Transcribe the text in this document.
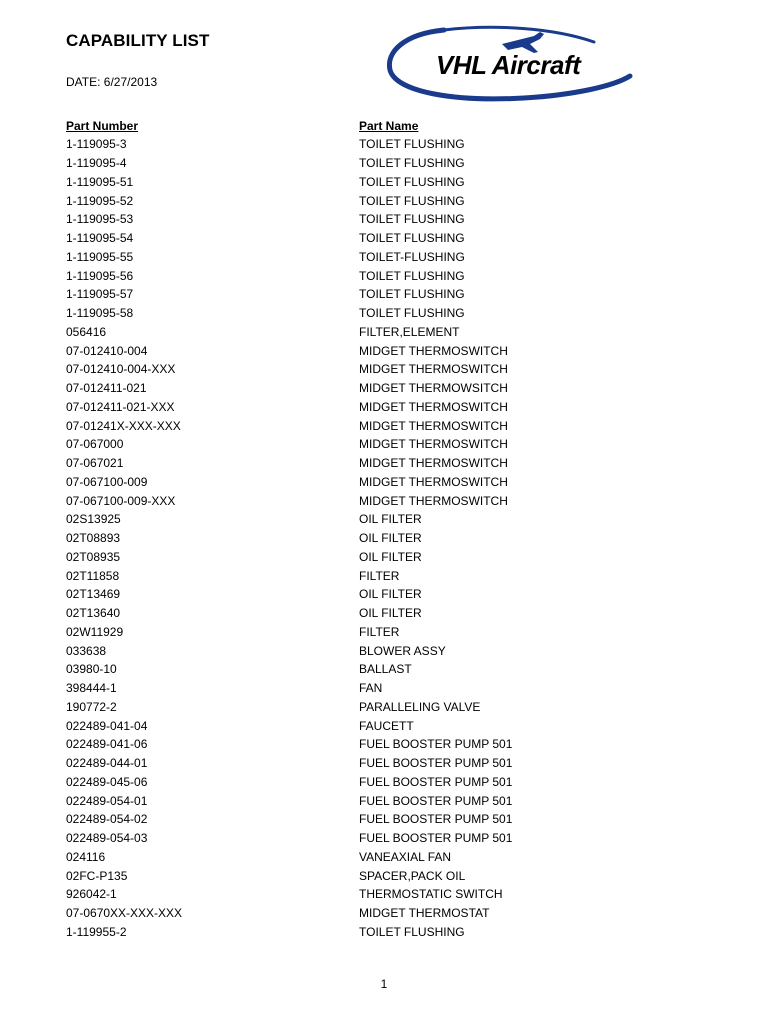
CAPABILITY LIST
DATE: 6/27/2013
VHL Aircraft
Part Number	Part Name
1-119095-3	TOILET FLUSHING
1-119095-4	TOILET FLUSHING
1-119095-51	TOILET FLUSHING
1-119095-52	TOILET FLUSHING
1-119095-53	TOILET FLUSHING
1-119095-54	TOILET FLUSHING
1-119095-55	TOILET-FLUSHING
1-119095-56	TOILET FLUSHING
1-119095-57	TOILET FLUSHING
1-119095-58	TOILET FLUSHING
056416	FILTER,ELEMENT
07-012410-004	MIDGET THERMOSWITCH
07-012410-004-XXX	MIDGET THERMOSWITCH
07-012411-021	MIDGET THERMOWSITCH
07-012411-021-XXX	MIDGET THERMOSWITCH
07-01241X-XXX-XXX	MIDGET THERMOSWITCH
07-067000	MIDGET THERMOSWITCH
07-067021	MIDGET THERMOSWITCH
07-067100-009	MIDGET THERMOSWITCH
07-067100-009-XXX	MIDGET THERMOSWITCH
02S13925	OIL FILTER
02T08893	OIL FILTER
02T08935	OIL FILTER
02T11858	FILTER
02T13469	OIL FILTER
02T13640	OIL FILTER
02W11929	FILTER
033638	BLOWER ASSY
03980-10	BALLAST
398444-1	FAN
190772-2	PARALLELING VALVE
022489-041-04	FAUCETT
022489-041-06	FUEL BOOSTER PUMP 501
022489-044-01	FUEL BOOSTER PUMP 501
022489-045-06	FUEL BOOSTER PUMP 501
022489-054-01	FUEL BOOSTER PUMP 501
022489-054-02	FUEL BOOSTER PUMP 501
022489-054-03	FUEL BOOSTER PUMP 501
024116	VANEAXIAL FAN
02FC-P135	SPACER,PACK OIL
926042-1	THERMOSTATIC SWITCH
07-0670XX-XXX-XXX	MIDGET THERMOSTAT
1-119955-2	TOILET FLUSHING
1
